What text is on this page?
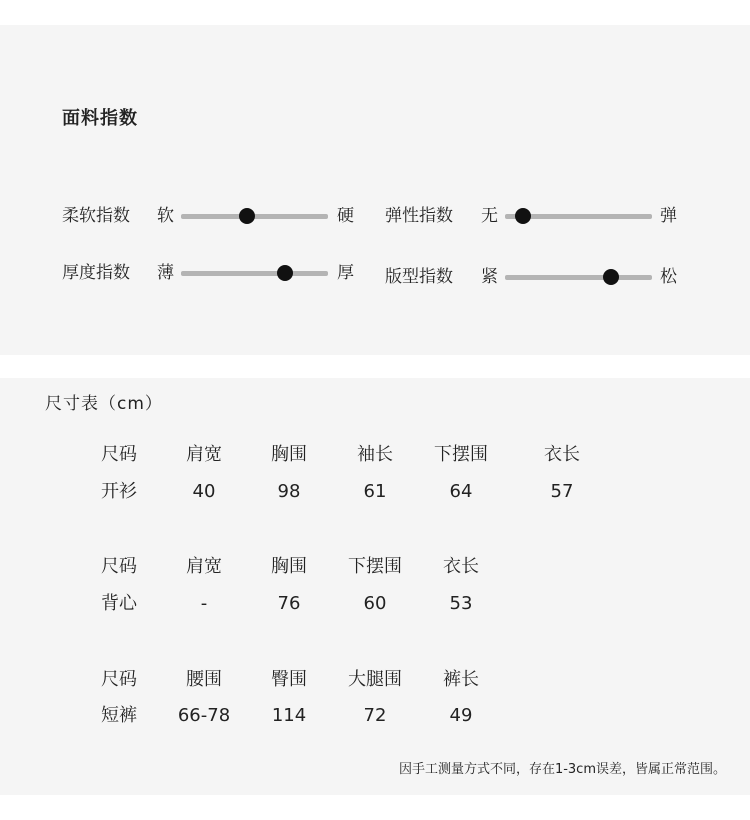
面料指数
柔软指数 软	硬 弹性指数 无	弹
厚度指数 薄	厚 版型指数 紧	松
尺寸表（cm）
尺码	肩宽	胸围	袖长	下摆围	衣长
开衫	40	98	61	64	57
尺码	肩宽	胸围	下摆围	衣长
背心	-	76	60	53
尺码	腰围	臀围	大腿围	裤长
短裤	66-78	114	72	49
因手工测量方式不同，存在1-3cm误差，皆属正常范围。
